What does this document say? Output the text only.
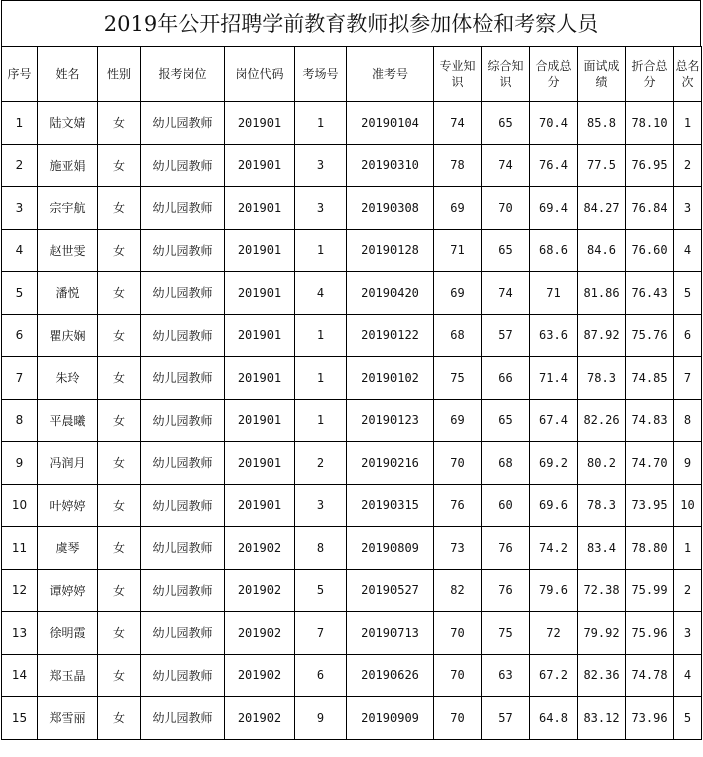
2019年公开招聘学前教育教师拟参加体检和考察人员
序号	姓名	性别	报考岗位	岗位代码	考场号	准考号	专业知识	综合知识	合成总分	面试成绩	折合总分	总名次
1	陆文婧	女	幼儿园教师	201901	1	20190104	74	65	70.4	85.8	78.10	1
2	施亚娟	女	幼儿园教师	201901	3	20190310	78	74	76.4	77.5	76.95	2
3	宗宇航	女	幼儿园教师	201901	3	20190308	69	70	69.4	84.27	76.84	3
4	赵世雯	女	幼儿园教师	201901	1	20190128	71	65	68.6	84.6	76.60	4
5	潘悦	女	幼儿园教师	201901	4	20190420	69	74	71	81.86	76.43	5
6	瞿庆娴	女	幼儿园教师	201901	1	20190122	68	57	63.6	87.92	75.76	6
7	朱玲	女	幼儿园教师	201901	1	20190102	75	66	71.4	78.3	74.85	7
8	平晨曦	女	幼儿园教师	201901	1	20190123	69	65	67.4	82.26	74.83	8
9	冯润月	女	幼儿园教师	201901	2	20190216	70	68	69.2	80.2	74.70	9
10	叶婷婷	女	幼儿园教师	201901	3	20190315	76	60	69.6	78.3	73.95	10
11	虞琴	女	幼儿园教师	201902	8	20190809	73	76	74.2	83.4	78.80	1
12	谭婷婷	女	幼儿园教师	201902	5	20190527	82	76	79.6	72.38	75.99	2
13	徐明霞	女	幼儿园教师	201902	7	20190713	70	75	72	79.92	75.96	3
14	郑玉晶	女	幼儿园教师	201902	6	20190626	70	63	67.2	82.36	74.78	4
15	郑雪丽	女	幼儿园教师	201902	9	20190909	70	57	64.8	83.12	73.96	5
